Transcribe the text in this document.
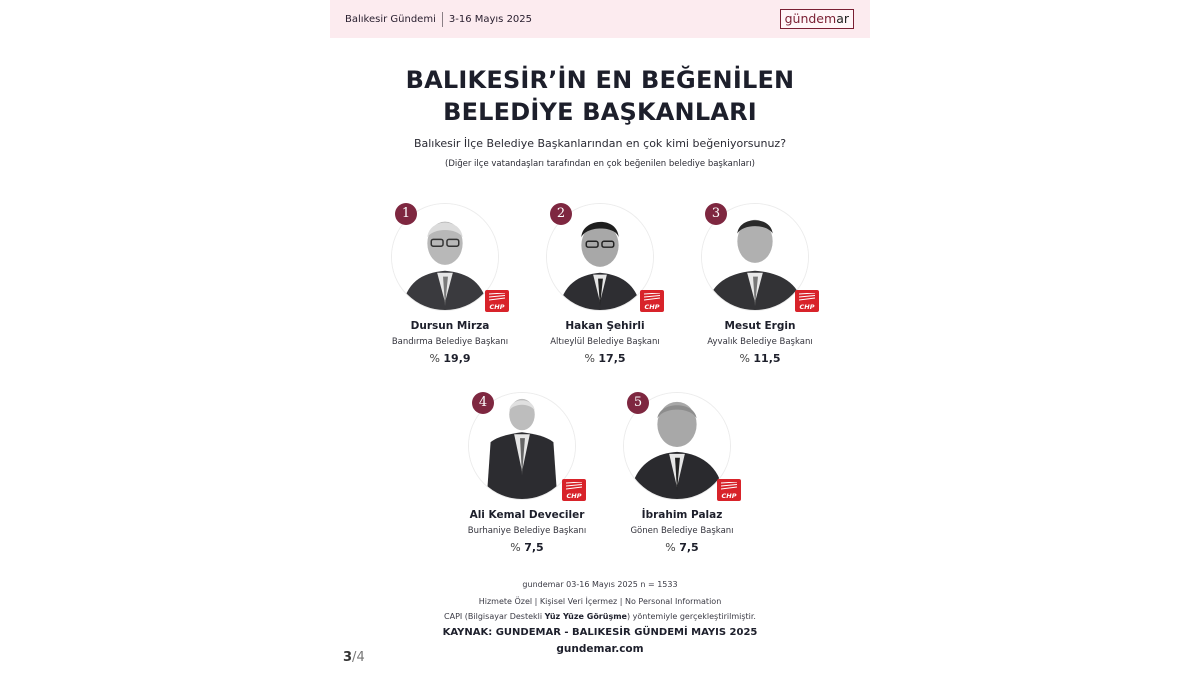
Balıkesir Gündemi 3-16 Mayıs 2025	gündemar
BALIKESİR’İN EN BEĞENİLEN
BELEDİYE BAŞKANLARI
Balıkesir İlçe Belediye Başkanlarından en çok kimi beğeniyorsunuz?
(Diğer ilçe vatandaşları tarafından en çok beğenilen belediye başkanları)
1
CHP
Dursun Mirza
Bandırma Belediye Başkanı
% 19,9
2
CHP
Hakan Şehirli
Altıeylül Belediye Başkanı
% 17,5
3
CHP
Mesut Ergin
Ayvalık Belediye Başkanı
% 11,5
4
CHP
Ali Kemal Deveciler
Burhaniye Belediye Başkanı
% 7,5
5
CHP
İbrahim Palaz
Gönen Belediye Başkanı
% 7,5
gundemar 03-16 Mayıs 2025 n = 1533
Hizmete Özel | Kişisel Veri İçermez | No Personal Information
CAPI (Bilgisayar Destekli Yüz Yüze Görüşme) yöntemiyle gerçekleştirilmiştir.
KAYNAK: GUNDEMAR - BALIKESİR GÜNDEMİ MAYIS 2025
gundemar.com
3/4
